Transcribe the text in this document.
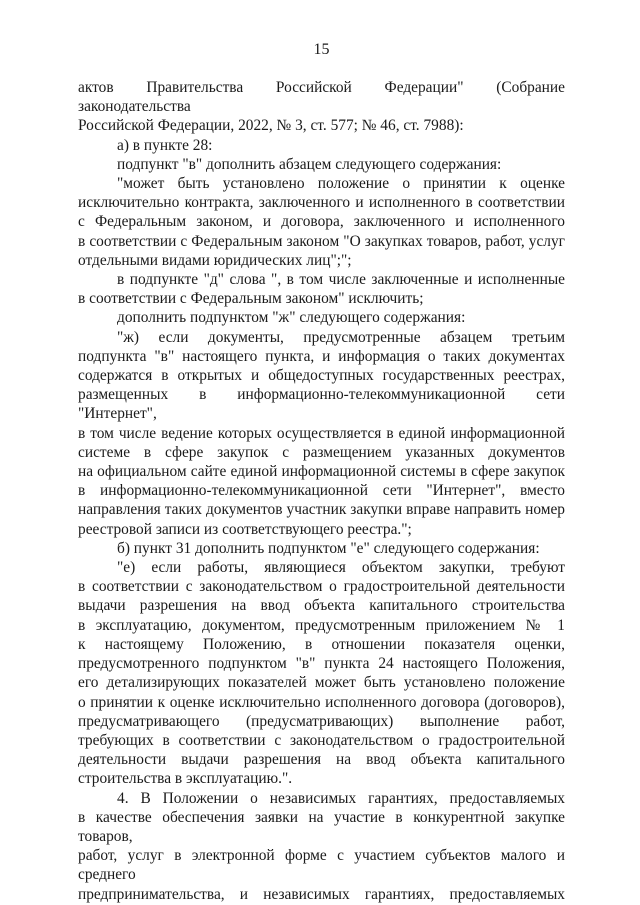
15
актов Правительства Российской Федерации" (Собрание законодательства
Российской Федерации, 2022, № 3, ст. 577; № 46, ст. 7988):
а) в пункте 28:
подпункт "в" дополнить абзацем следующего содержания:
"может быть установлено положение о принятии к оценке
исключительно контракта, заключенного и исполненного в соответствии
с Федеральным законом, и договора, заключенного и исполненного
в соответствии с Федеральным законом "О закупках товаров, работ, услуг
отдельными видами юридических лиц";";
в подпункте "д" слова ", в том числе заключенные и исполненные
в соответствии с Федеральным законом" исключить;
дополнить подпунктом "ж" следующего содержания:
"ж) если документы, предусмотренные абзацем третьим
подпункта "в" настоящего пункта, и информация о таких документах
содержатся в открытых и общедоступных государственных реестрах,
размещенных в информационно-телекоммуникационной сети "Интернет",
в том числе ведение которых осуществляется в единой информационной
системе в сфере закупок с размещением указанных документов
на официальном сайте единой информационной системы в сфере закупок
в информационно-телекоммуникационной сети "Интернет", вместо
направления таких документов участник закупки вправе направить номер
реестровой записи из соответствующего реестра.";
б) пункт 31 дополнить подпунктом "е" следующего содержания:
"е) если работы, являющиеся объектом закупки, требуют
в соответствии с законодательством о градостроительной деятельности
выдачи разрешения на ввод объекта капитального строительства
в эксплуатацию, документом, предусмотренным приложением № 1
к настоящему Положению, в отношении показателя оценки,
предусмотренного подпунктом "в" пункта 24 настоящего Положения,
его детализирующих показателей может быть установлено положение
о принятии к оценке исключительно исполненного договора (договоров),
предусматривающего (предусматривающих) выполнение работ,
требующих в соответствии с законодательством о градостроительной
деятельности выдачи разрешения на ввод объекта капитального
строительства в эксплуатацию.".
4. В Положении о независимых гарантиях, предоставляемых
в качестве обеспечения заявки на участие в конкурентной закупке товаров,
работ, услуг в электронной форме с участием субъектов малого и среднего
предпринимательства, и независимых гарантиях, предоставляемых
